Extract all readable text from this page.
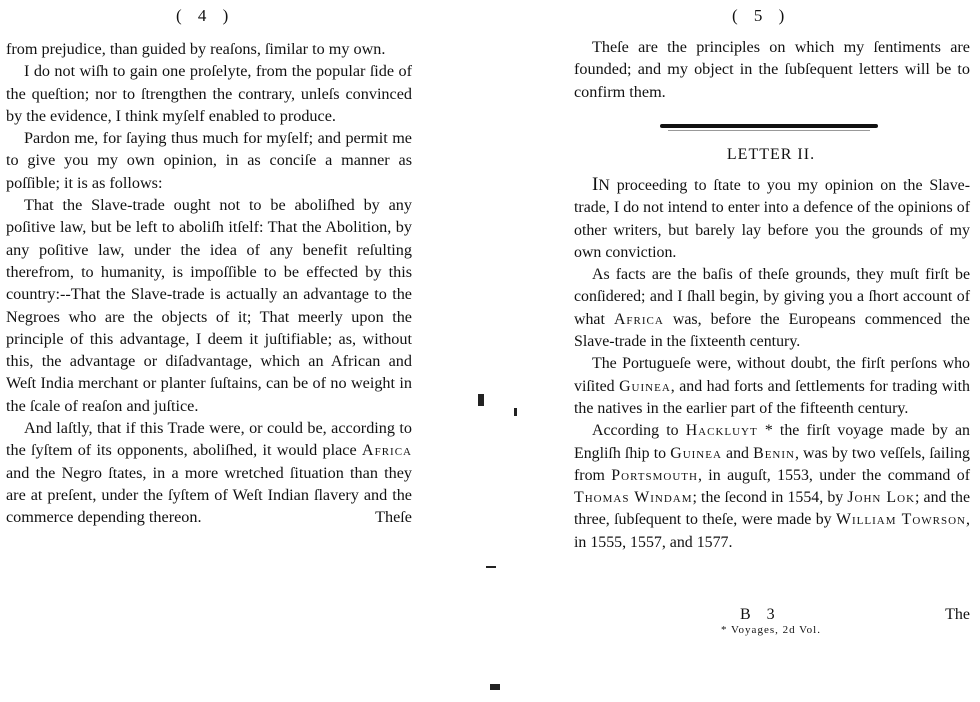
( 4 )

from prejudice, than guided by reaſons, ſimilar to my own.

I do not wiſh to gain one proſelyte, from the popular ſide of the queſtion; nor to ſtrengthen the contrary, unleſs convinced by the evidence, I think myſelf enabled to produce.

Pardon me, for ſaying thus much for myſelf; and permit me to give you my own opinion, in as conciſe a manner as poſſible; it is as follows:

That the Slave-trade ought not to be aboliſhed by any poſitive law, but be left to aboliſh itſelf: That the Abolition, by any poſitive law, under the idea of any benefit reſulting therefrom, to humanity, is impoſſible to be effected by this country:--That the Slave-trade is actually an advantage to the Negroes who are the objects of it; That meerly upon the principle of this advantage, I deem it juſtifiable; as, without this, the advantage or diſadvantage, which an African and Weſt India merchant or planter ſuſtains, can be of no weight in the ſcale of reaſon and juſtice.

And laſtly, that if this Trade were, or could be, according to the ſyſtem of its opponents, aboliſhed, it would place Africa and the Negro ſtates, in a more wretched ſituation than they are at preſent, under the ſyſtem of Weſt Indian ſlavery and the commerce depending thereon.	Theſe

( 5 )

Theſe are the principles on which my ſentiments are founded; and my object in the ſubſequent letters will be to confirm them.

LETTER II.

IN proceeding to ſtate to you my opinion on the Slave-trade, I do not intend to enter into a defence of the opinions of other writers, but barely lay before you the grounds of my own conviction.

As facts are the baſis of theſe grounds, they muſt firſt be conſidered; and I ſhall begin, by giving you a ſhort account of what Africa was, before the Europeans commenced the Slave-trade in the ſixteenth century.

The Portugueſe were, without doubt, the firſt perſons who viſited Guinea, and had forts and ſettlements for trading with the natives in the earlier part of the fifteenth century.

According to Hackluyt * the firſt voyage made by an Engliſh ſhip to Guinea and Benin, was by two veſſels, ſailing from Portsmouth, in auguſt, 1553, under the command of Thomas Windam; the ſecond in 1554, by John Lok; and the three, ſubſequent to theſe, were made by William Towrson, in 1555, 1557, and 1577.

B 3	The
* Voyages, 2d Vol.
